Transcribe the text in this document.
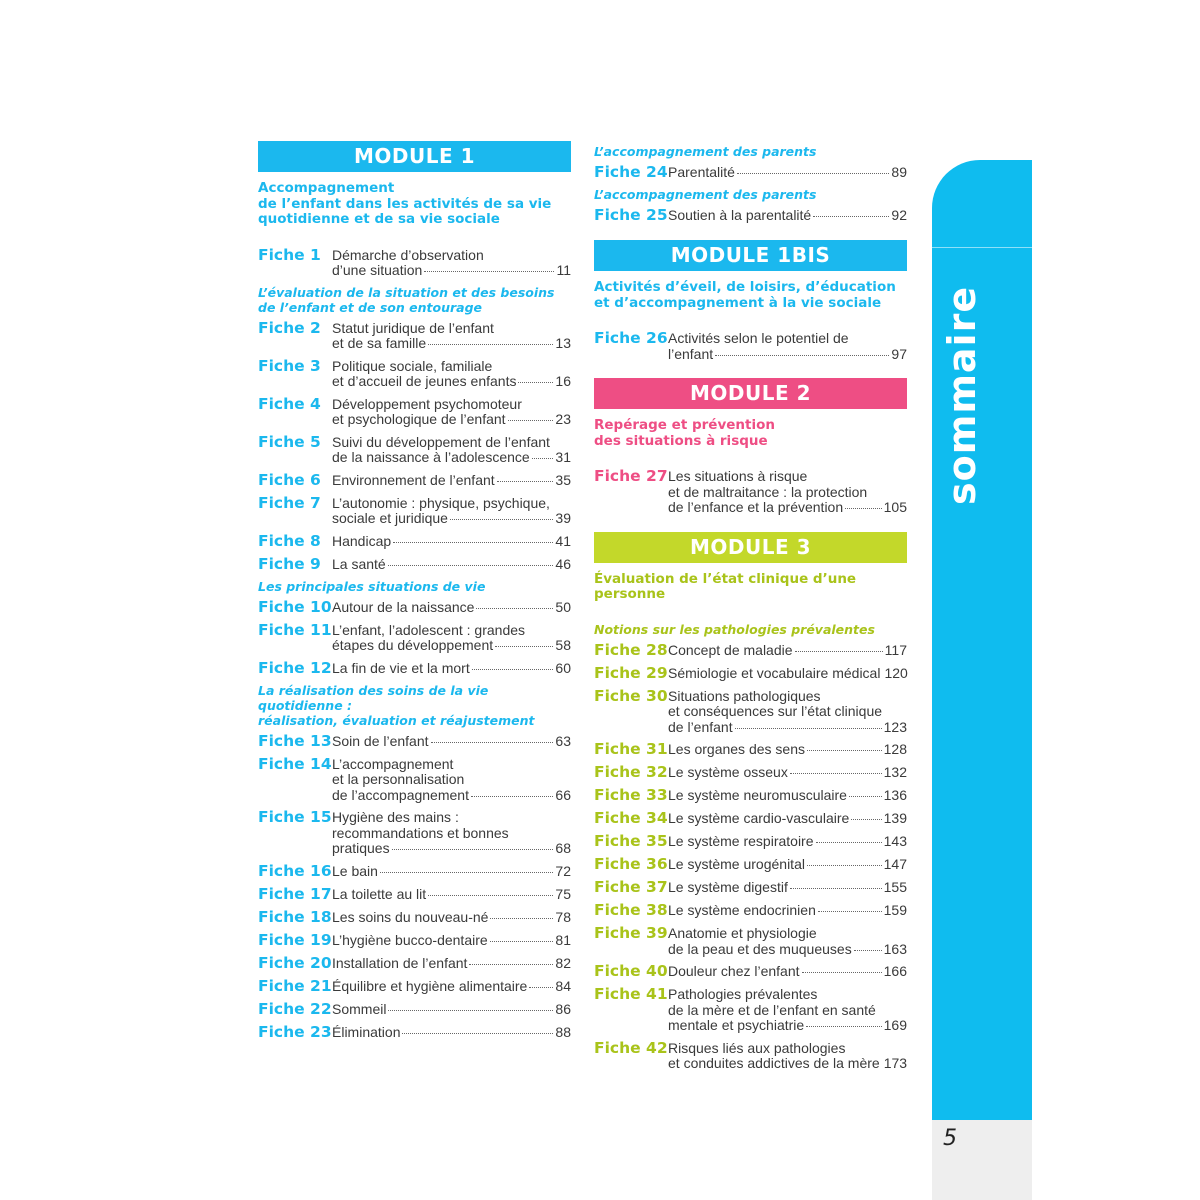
MODULE 1
Accompagnement
de l’enfant dans les activités de sa vie
quotidienne et de sa vie sociale
Fiche 1 Démarche d’observation
d’une situation	11
L’évaluation de la situation et des besoins
de l’enfant et de son entourage
Fiche 2 Statut juridique de l’enfant
et de sa famille	13
Fiche 3 Politique sociale, familiale
et d’accueil de jeunes enfants	16
Fiche 4 Développement psychomoteur
et psychologique de l’enfant	23
Fiche 5 Suivi du développement de l’enfant
de la naissance à l’adolescence 31
Fiche 6 Environnement de l’enfant	35
Fiche 7 L’autonomie : physique, psychique,
sociale et juridique	39
Fiche 8 Handicap	41
Fiche 9 La santé	46
Les principales situations de vie
Fiche 10 Autour de la naissance	50
Fiche 11 L’enfant, l’adolescent : grandes
étapes du développement	58
Fiche 12 La fin de vie et la mort	60
La réalisation des soins de la vie quotidienne :
réalisation, évaluation et réajustement
Fiche 13 Soin de l’enfant	63
Fiche 14 L’accompagnement
et la personnalisation
de l’accompagnement	66
Fiche 15 Hygiène des mains :
recommandations et bonnes
pratiques	68
Fiche 16 Le bain	72
Fiche 17 La toilette au lit	75
Fiche 18 Les soins du nouveau-né	78
Fiche 19 L’hygiène bucco-dentaire	81
Fiche 20 Installation de l’enfant	82
Fiche 21 Équilibre et hygiène alimentaire 84
Fiche 22 Sommeil	86
Fiche 23 Élimination	88
L’accompagnement des parents
Fiche 24 Parentalité	89
L’accompagnement des parents
Fiche 25 Soutien à la parentalité	92
MODULE 1BIS
Activités d’éveil, de loisirs, d’éducation
et d’accompagnement à la vie sociale
Fiche 26 Activités selon le potentiel de
l’enfant	97
MODULE 2
Repérage et prévention
des situations à risque
Fiche 27 Les situations à risque
et de maltraitance : la protection
de l’enfance et la prévention	105
MODULE 3
Évaluation de l’état clinique d’une personne
Notions sur les pathologies prévalentes
Fiche 28 Concept de maladie	117
Fiche 29 Sémiologie et vocabulaire médical 120
Fiche 30 Situations pathologiques
et conséquences sur l’état clinique
de l’enfant	123
Fiche 31 Les organes des sens	128
Fiche 32 Le système osseux	132
Fiche 33 Le système neuromusculaire	136
Fiche 34 Le système cardio-vasculaire 139
Fiche 35 Le système respiratoire	143
Fiche 36 Le système urogénital	147
Fiche 37 Le système digestif	155
Fiche 38 Le système endocrinien	159
Fiche 39 Anatomie et physiologie
de la peau et des muqueuses 163
Fiche 40 Douleur chez l’enfant	166
Fiche 41 Pathologies prévalentes
de la mère et de l’enfant en santé
mentale et psychiatrie	169
Fiche 42 Risques liés aux pathologies
et conduites addictives de la mère 173
sommaire
5
